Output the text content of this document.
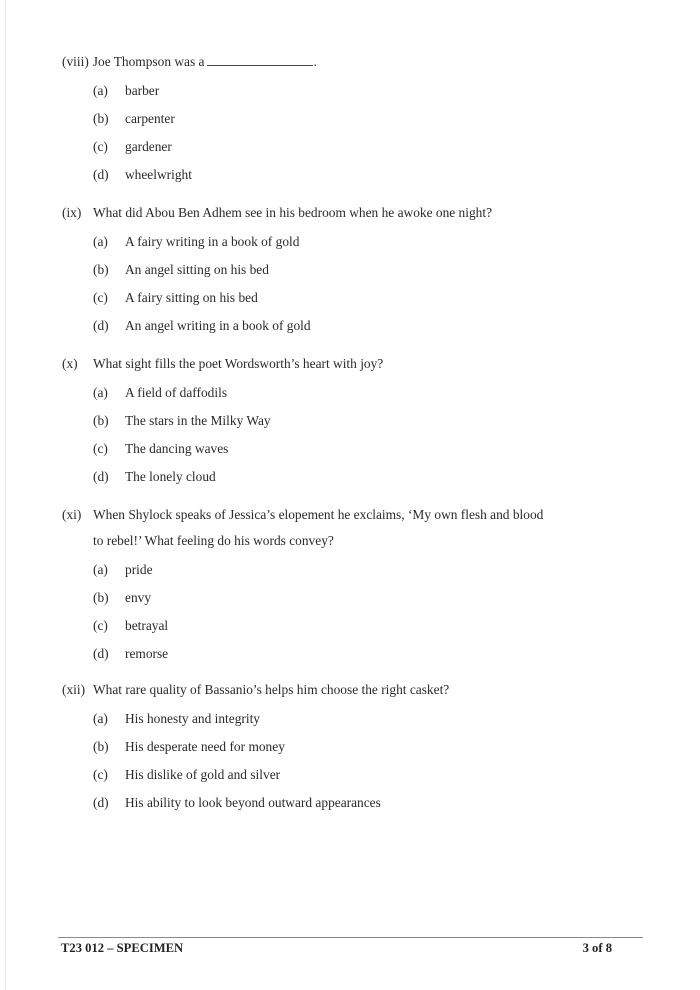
(viii) Joe Thompson was a	.
(a)	barber
(b)	carpenter
(c)	gardener
(d)	wheelwright
(ix) What did Abou Ben Adhem see in his bedroom when he awoke one night?
(a)	A fairy writing in a book of gold
(b)	An angel sitting on his bed
(c)	A fairy sitting on his bed
(d)	An angel writing in a book of gold
(x)	What sight fills the poet Wordsworth’s heart with joy?
(a)	A field of daffodils
(b)	The stars in the Milky Way
(c)	The dancing waves
(d)	The lonely cloud
(xi) When Shylock speaks of Jessica’s elopement he exclaims, ‘My own flesh and blood
to rebel!’ What feeling do his words convey?
(a)	pride
(b)	envy
(c)	betrayal
(d)	remorse
(xii) What rare quality of Bassanio’s helps him choose the right casket?
(a)	His honesty and integrity
(b)	His desperate need for money
(c)	His dislike of gold and silver
(d)	His ability to look beyond outward appearances
T23 012 – SPECIMEN	3 of 8
